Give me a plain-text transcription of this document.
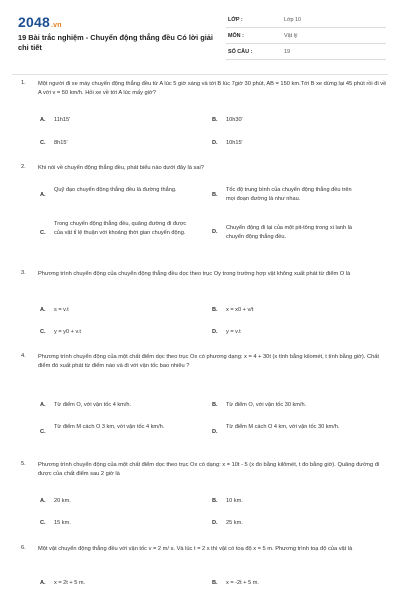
2048.vn
19 Bài trắc nghiệm - Chuyển động thẳng đều Có lời giải chi tiết
LỚP :	Lớp 10
MÔN :	Vật lý
SỐ CÂU :	19
1. Một người đi xe máy chuyển động thẳng đều từ A lúc 5 giờ sáng và tới B lúc 7giờ 30 phút, AB = 150 km.Tới B xe dừng lại 45 phút rồi đi về A với v = 50 km/h. Hỏi xe về tới A lúc mấy giờ?
A. 11h15'	B. 10h30'
C. 8h15'	D. 10h15'
2. Khi nói về chuyển động thẳng đều, phát biểu nào dưới đây là sai?
A.
Quỹ đạo chuyển động thẳng đều là đường thẳng.
B.
Tốc độ trung bình của chuyển động thẳng đều trên mọi đoạn đường là như nhau.
C.
Trong chuyển động thẳng đều, quãng đường đi được của vật tỉ lệ thuận với khoảng thời gian chuyển động.	D.
Chuyển động đi lại của một pit-tông trong xi lanh là chuyển động thẳng đều.
3. Phương trình chuyển động của chuyển động thẳng đều dọc theo trục Oy trong trường hợp vật không xuất phát từ điểm O là
A. s = v.t	B. x = x0 + v/t
C. y = y0 + v.t	D. y = v.t
4. Phương trình chuyển động của một chất điểm dọc theo trục Ox có phương dạng: x = 4 + 30t (x tính bằng kilomét, t tính bằng giờ). Chất điểm đó xuất phát từ điểm nào và đi với vận tốc bao nhiêu ?
A. Từ điểm O, với vận tốc 4 km/h.	B. Từ điểm O, với vận tốc 30 km/h.
C.
Từ điểm M cách O 3 km, với vận tốc 4 km/h.
D.
Từ điểm M cách O 4 km, với vận tốc 30 km/h.
5. Phương trình chuyển động của một chất điểm dọc theo trục Ox có dạng: x = 10t - 5 (x đo bằng kilômét, t đo bằng giờ). Quãng đường đi được của chất điểm sau 2 giờ là
A. 20 km.	B. 10 km.
C. 15 km.	D. 25 km.
6. Một vật chuyển động thẳng đều với vận tốc v = 2 m/ s. Và lúc t = 2 s thì vật có toạ độ x = 5 m. Phương trình toạ độ của vật là
A. x = 2t + 5 m.	B. x = -2t + 5 m.
